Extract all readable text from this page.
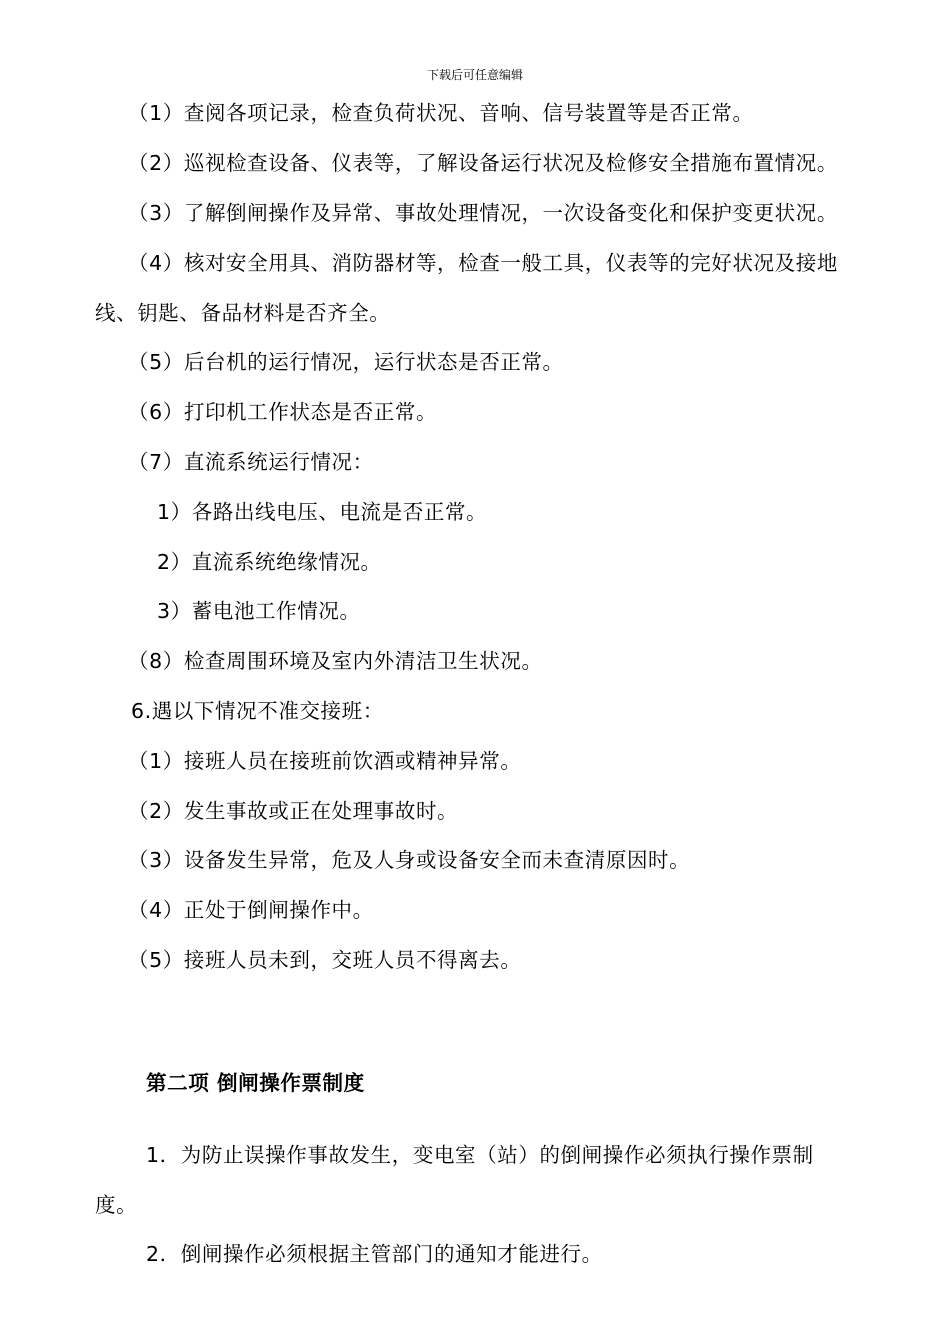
下载后可任意编辑
（1）查阅各项记录，检查负荷状况、音响、信号装置等是否正常。
（2）巡视检查设备、仪表等，了解设备运行状况及检修安全措施布置情况。
（3）了解倒闸操作及异常、事故处理情况，一次设备变化和保护变更状况。
（4）核对安全用具、消防器材等，检查一般工具，仪表等的完好状况及接地
线、钥匙、备品材料是否齐全。
（5）后台机的运行情况，运行状态是否正常。
（6）打印机工作状态是否正常。
（7）直流系统运行情况：
1）各路出线电压、电流是否正常。
2）直流系统绝缘情况。
3）蓄电池工作情况。
（8）检查周围环境及室内外清洁卫生状况。
6.遇以下情况不准交接班：
（1）接班人员在接班前饮酒或精神异常。
（2）发生事故或正在处理事故时。
（3）设备发生异常，危及人身或设备安全而未查清原因时。
（4）正处于倒闸操作中。
（5）接班人员未到，交班人员不得离去。
第二项 倒闸操作票制度
1．为防止误操作事故发生，变电室（站）的倒闸操作必须执行操作票制
度。
2．倒闸操作必须根据主管部门的通知才能进行。
